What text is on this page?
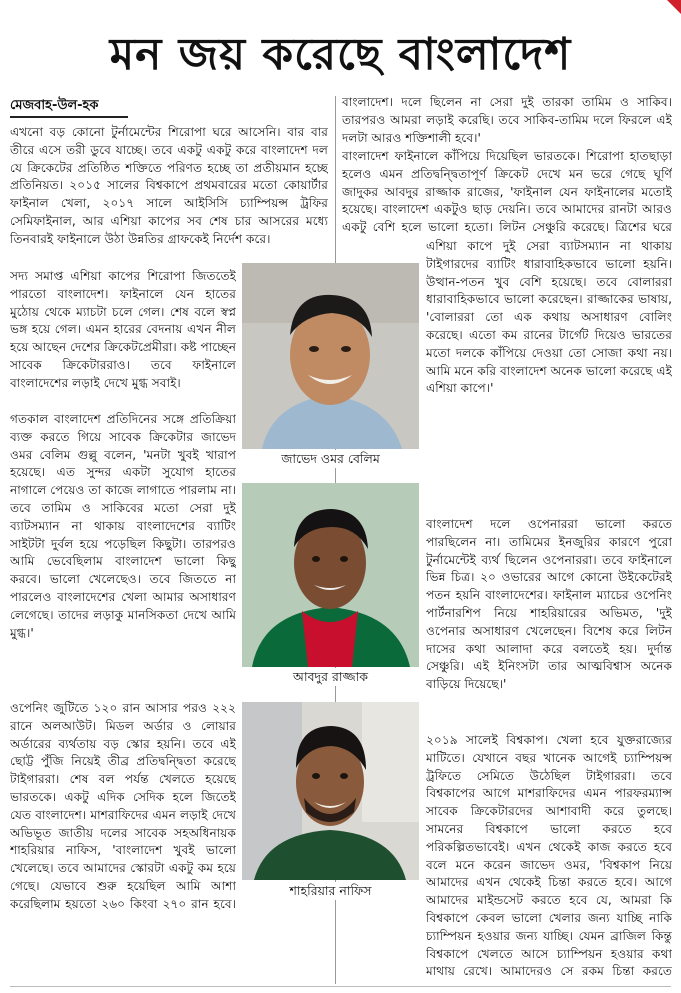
মন জয় করেছে বাংলাদেশ
মেজবাহ-উল-হক

এখনো বড় কোনো টুর্নামেন্টের শিরোপা ঘরে আসেনি। বার বার তীরে এসে তরী ডুবে যাচ্ছে। তবে একটু একটু করে বাংলাদেশ দল যে ক্রিকেটের প্রতিষ্ঠিত শক্তিতে পরিণত হচ্ছে তা প্রতীয়মান হচ্ছে প্রতিনিয়ত। ২০১৫ সালের বিশ্বকাপে প্রথমবারের মতো কোয়ার্টার ফাইনাল খেলা, ২০১৭ সালে আইসিসি চ্যাম্পিয়ন্স ট্রফির সেমিফাইনাল, আর এশিয়া কাপের সব শেষ চার আসরের মধ্যে তিনবারই ফাইনালে উঠা উন্নতির গ্রাফকেই নির্দেশ করে।

সদ্য সমাপ্ত এশিয়া কাপের শিরোপা জিততেই পারতো বাংলাদেশ। ফাইনালে যেন হাতের মুঠোয় থেকে ম্যাচটা চলে গেল। শেষ বলে স্বপ্ন ভঙ্গ হয়ে গেল। এমন হারের বেদনায় এখন নীল হয়ে আছেন দেশের ক্রিকেটপ্রেমীরা। কষ্ট পাচ্ছেন সাবেক ক্রিকেটাররাও। তবে ফাইনালে বাংলাদেশের লড়াই দেখে মুগ্ধ সবাই।

গতকাল বাংলাদেশ প্রতিদিনের সঙ্গে প্রতিক্রিয়া ব্যক্ত করতে গিয়ে সাবেক ক্রিকেটার জাভেদ ওমর বেলিম গুল্লু বলেন, 'মনটা খুবই খারাপ হয়েছে। এত সুন্দর একটা সুযোগ হাতের নাগালে পেয়েও তা কাজে লাগাতে পারলাম না। তবে তামিম ও সাকিবের মতো সেরা দুই ব্যাটসম্যান না থাকায় বাংলাদেশের ব্যাটিং সাইটটা দুর্বল হয়ে পড়েছিল কিছুটা। তারপরও আমি ভেবেছিলাম বাংলাদেশ ভালো কিছু করবে। ভালো খেলেছেও। তবে জিততে না পারলেও বাংলাদেশের খেলা আমার অসাধারণ লেগেছে। তাদের লড়াকু মানসিকতা দেখে আমি মুগ্ধ।'

ওপেনিং জুটিতে ১২০ রান আসার পরও ২২২ রানে অলআউট। মিডল অর্ডার ও লোয়ার অর্ডারের ব্যর্থতায় বড় স্কোর হয়নি। তবে এই ছোট্ট পুঁজি নিয়েই তীব্র প্রতিদ্বন্দ্বিতা করেছে টাইগাররা। শেষ বল পর্যন্ত খেলতে হয়েছে ভারতকে। একটু এদিক সেদিক হলে জিতেই যেত বাংলাদেশ। মাশরাফিদের এমন লড়াই দেখে অভিভূত জাতীয় দলের সাবেক সহঅধিনায়ক শাহরিয়ার নাফিস, 'বাংলাদেশ খুবই ভালো খেলেছে। তবে আমাদের স্কোরটা একটু কম হয়ে গেছে। যেভাবে শুরু হয়েছিল আমি আশা করেছিলাম হয়তো ২৬০ কিংবা ২৭০ রান হবে।

জাভেদ ওমর বেলিম
আবদুর রাজ্জাক
শাহরিয়ার নাফিস

বাংলাদেশ। দলে ছিলেন না সেরা দুই তারকা তামিম ও সাকিব। তারপরও আমরা লড়াই করেছি। তবে সাকিব-তামিম দলে ফিরলে এই দলটা আরও শক্তিশালী হবে।'

বাংলাদেশ ফাইনালে কাঁপিয়ে দিয়েছিল ভারতকে। শিরোপা হাতছাড়া হলেও এমন প্রতিদ্বন্দ্বিতাপূর্ণ ক্রিকেট দেখে মন ভরে গেছে ঘূর্ণি জাদুকর আবদুর রাজ্জাক রাজের, 'ফাইনাল যেন ফাইনালের মতোই হয়েছে। বাংলাদেশ একটুও ছাড় দেয়নি। তবে আমাদের রানটা আরও একটু বেশি হলে ভালো হতো। লিটন সেঞ্চুরি করেছে। ত্রিশের ঘরে

এশিয়া কাপে দুই সেরা ব্যাটসম্যান না থাকায় টাইগারদের ব্যাটিং ধারাবাহিকভাবে ভালো হয়নি। উত্থান-পতন খুব বেশি হয়েছে। তবে বোলাররা ধারাবাহিকভাবে ভালো করেছেন। রাজ্জাকের ভাষায়, 'বোলাররা তো এক কথায় অসাধারণ বোলিং করেছে। এতো কম রানের টার্গেট দিয়েও ভারতের মতো দলকে কাঁপিয়ে দেওয়া তো সোজা কথা নয়। আমি মনে করি বাংলাদেশ অনেক ভালো করেছে এই এশিয়া কাপে।'

বাংলাদেশ দলে ওপেনাররা ভালো করতে পারছিলেন না। তামিমের ইনজুরির কারণে পুরো টুর্নামেন্টেই ব্যর্থ ছিলেন ওপেনাররা। তবে ফাইনালে ভিন্ন চিত্র। ২০ ওভারের আগে কোনো উইকেটেরই পতন হয়নি বাংলাদেশের। ফাইনাল ম্যাচের ওপেনিং পার্টনারশিপ নিয়ে শাহরিয়ারের অভিমত, 'দুই ওপেনার অসাধারণ খেলেছেন। বিশেষ করে লিটন দাসের কথা আলাদা করে বলতেই হয়। দুর্দান্ত সেঞ্চুরি। এই ইনিংসটা তার আত্মবিশ্বাস অনেক বাড়িয়ে দিয়েছে।'

২০১৯ সালেই বিশ্বকাপ। খেলা হবে যুক্তরাজ্যের মাটিতে। যেখানে বছর খানেক আগেই চ্যাম্পিয়ন্স ট্রফিতে সেমিতে উঠেছিল টাইগাররা। তবে বিশ্বকাপের আগে মাশরাফিদের এমন পারফরম্যান্স সাবেক ক্রিকেটারদের আশাবাদী করে তুলছে। সামনের বিশ্বকাপে ভালো করতে হবে পরিকল্পিতভাবেই। এখন থেকেই কাজ করতে হবে বলে মনে করেন জাভেদ ওমর, 'বিশ্বকাপ নিয়ে আমাদের এখন থেকেই চিন্তা করতে হবে। আগে আমাদের মাইন্ডসেট করতে হবে যে, আমরা কি বিশ্বকাপে কেবল ভালো খেলার জন্য যাচ্ছি নাকি চ্যাম্পিয়ন হওয়ার জন্য যাচ্ছি। যেমন ব্রাজিল কিন্তু বিশ্বকাপে খেলতে আসে চ্যাম্পিয়ন হওয়ার কথা মাথায় রেখে। আমাদেরও সে রকম চিন্তা করতে
